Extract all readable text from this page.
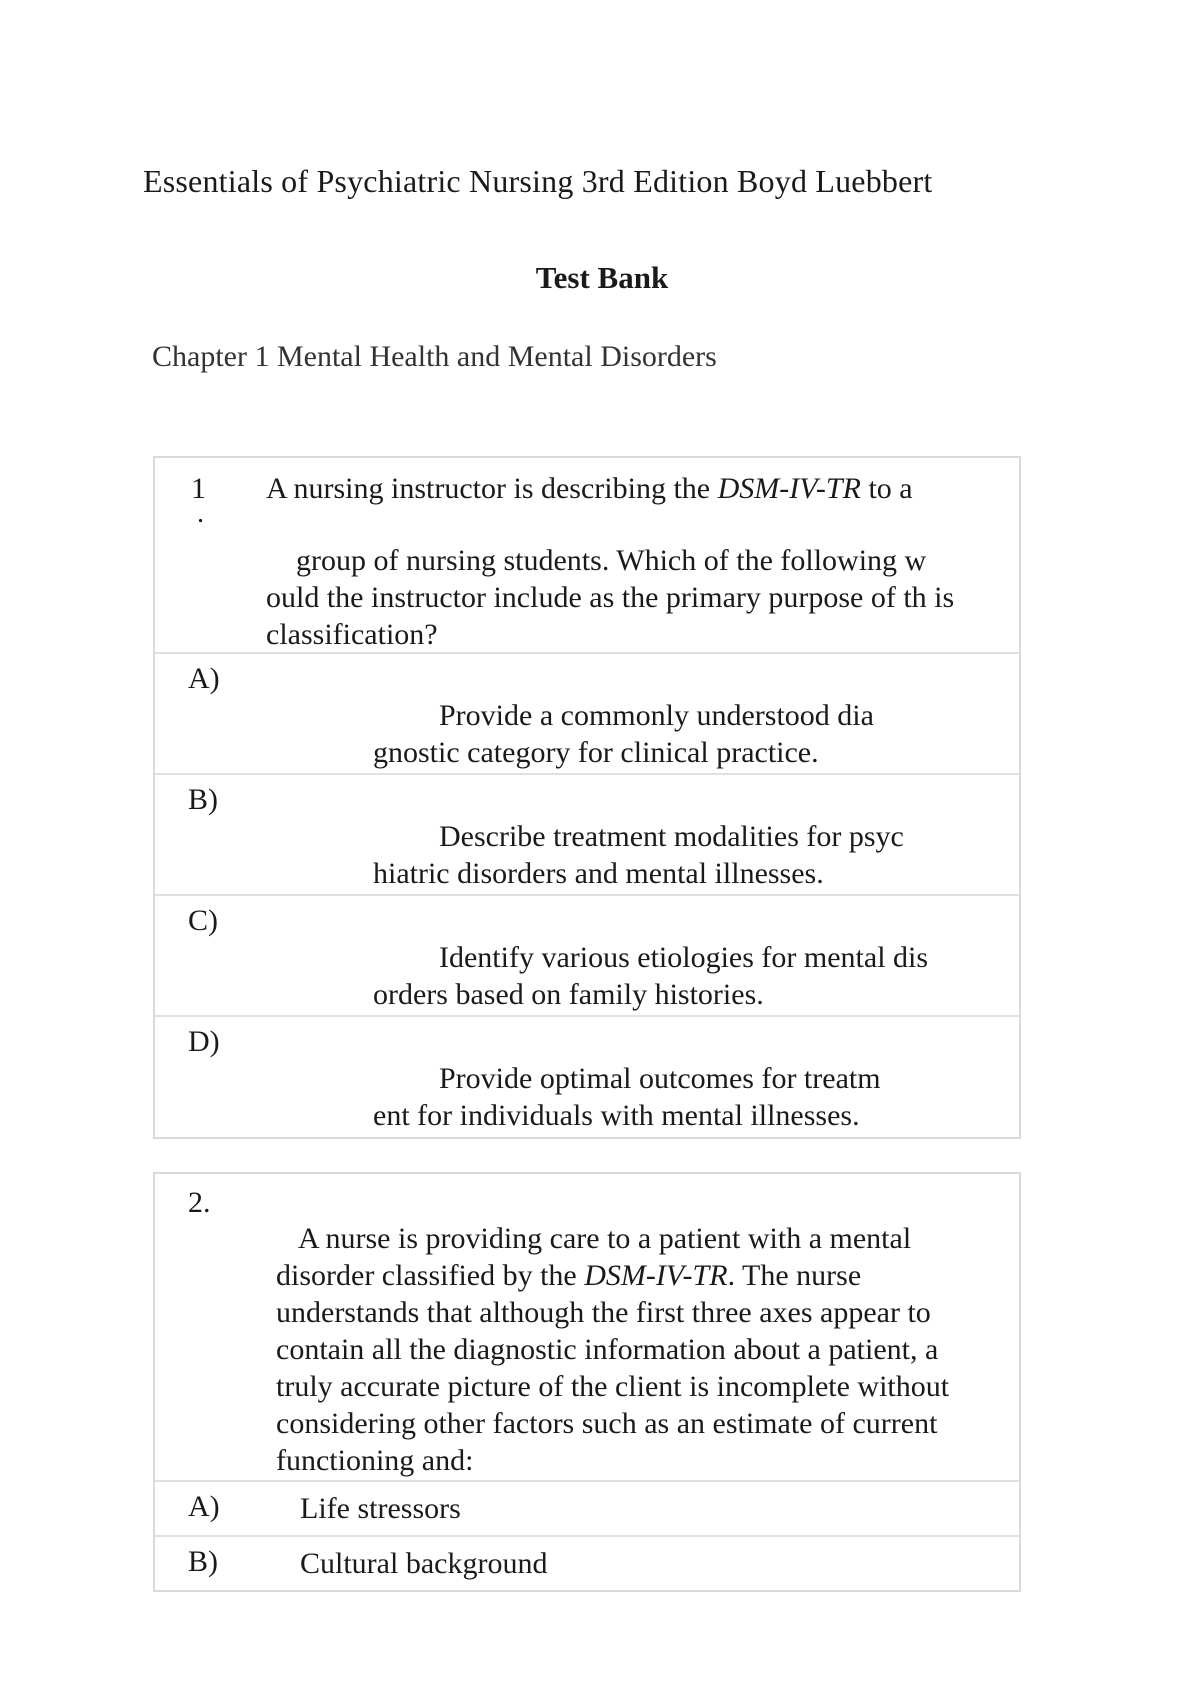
Essentials of Psychiatric Nursing 3rd Edition Boyd Luebbert
Test Bank
Chapter 1 Mental Health and Mental Disorders
1
.
A nursing instructor is describing the DSM-IV-TR to a
group of nursing students. Which of the following w ould the instructor include as the primary purpose of th is classification?
A)
Provide a commonly understood dia
gnostic category for clinical practice.
B)
Describe treatment modalities for psyc
hiatric disorders and mental illnesses.
C)
Identify various etiologies for mental dis
orders based on family histories.
D)
Provide optimal outcomes for treatm
ent for individuals with mental illnesses.
2.
A nurse is providing care to a patient with a mental disorder classified by the DSM-IV-TR. The nurse understands that although the first three axes appear to contain all the diagnostic information about a patient, a truly accurate picture of the client is incomplete without considering other factors such as an estimate of current functioning and:
A)	Life stressors
B)	Cultural background
